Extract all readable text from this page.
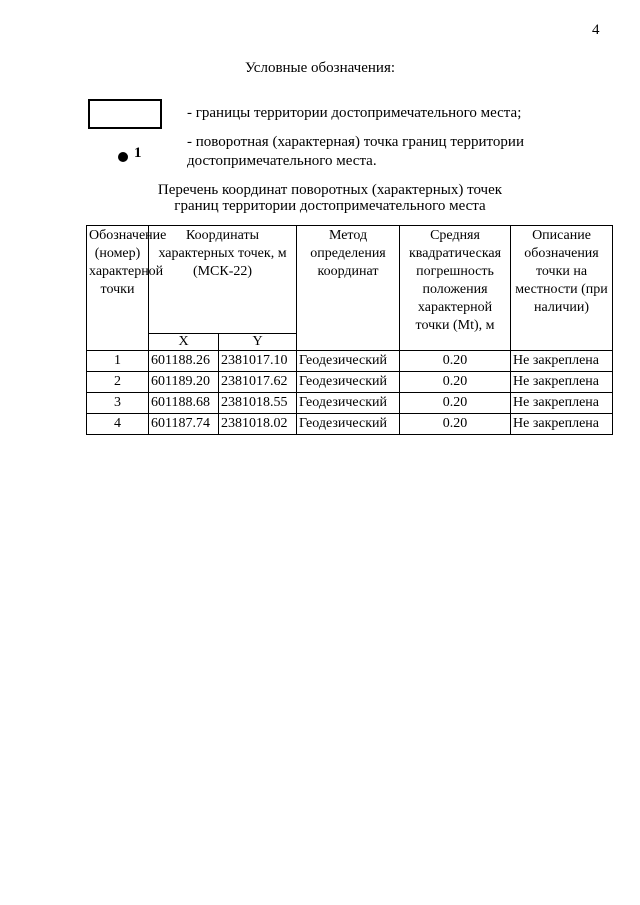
4
Условные обозначения:
- границы территории достопримечательного места;
1
- поворотная (характерная) точка границ территории достопримечательного места.
Перечень координат поворотных (характерных) точек
границ территории достопримечательного места
Обозначение (номер) характерной точки	Координаты характерных точек, м (МСК-22)		Метод определения координат	Средняя квадратическая погрешность положения характерной точки (Mt), м	Описание обозначения точки на местности (при наличии)
	X	Y			
1	601188.26	2381017.10	Геодезический	0.20	Не закреплена
2	601189.20	2381017.62	Геодезический	0.20	Не закреплена
3	601188.68	2381018.55	Геодезический	0.20	Не закреплена
4	601187.74	2381018.02	Геодезический	0.20	Не закреплена
